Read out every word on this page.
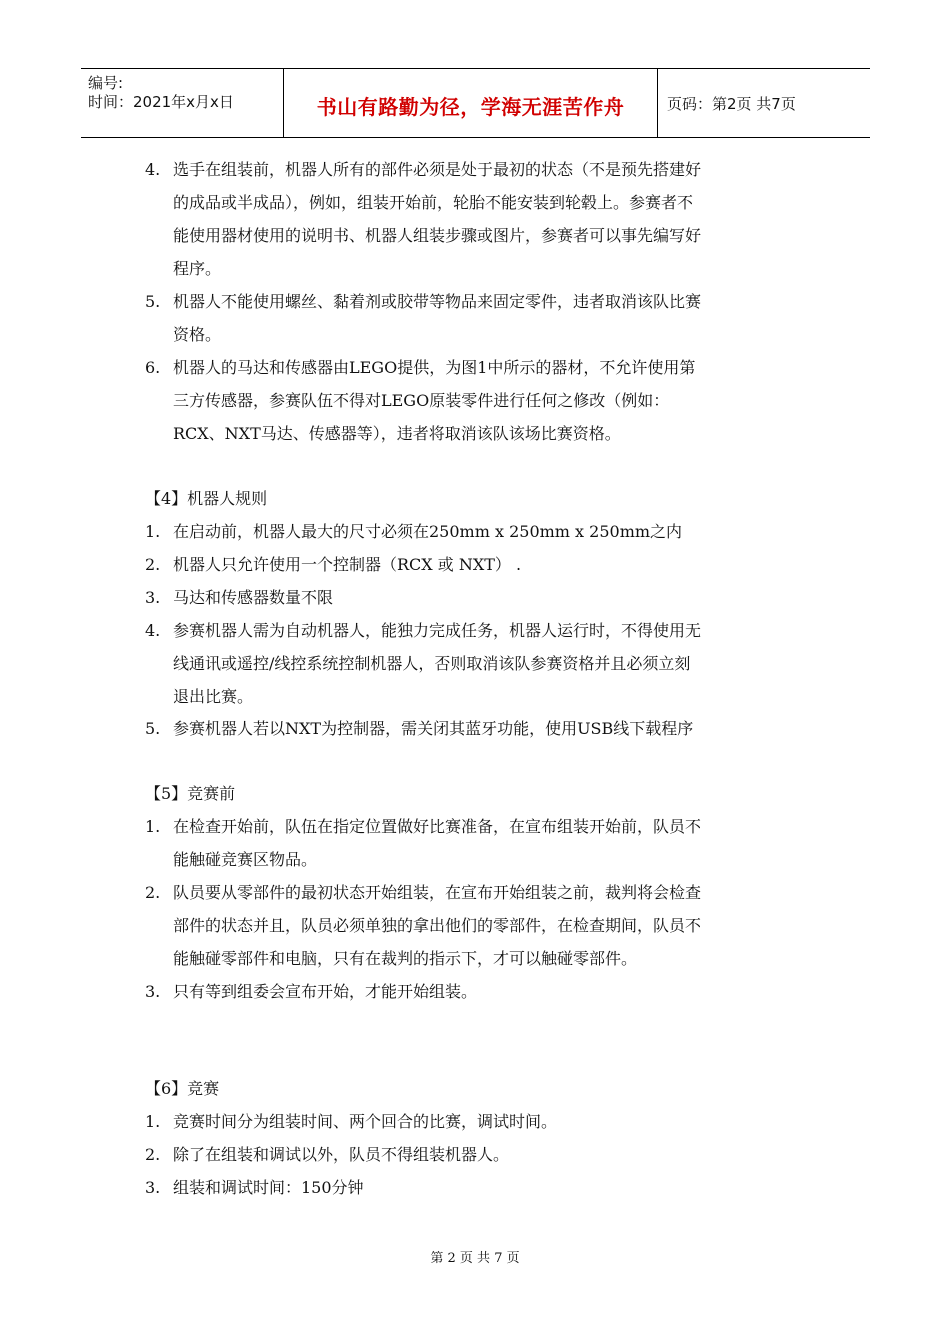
编号:
时间：2021年x月x日	书山有路勤为径，学海无涯苦作舟	页码：第2页 共7页
4. 选手在组装前，机器人所有的部件必须是处于最初的状态（不是预先搭建好
的成品或半成品），例如，组装开始前，轮胎不能安装到轮毂上。参赛者不
能使用器材使用的说明书、机器人组装步骤或图片，参赛者可以事先编写好
程序。
5. 机器人不能使用螺丝、黏着剂或胶带等物品来固定零件，违者取消该队比赛
资格。
6. 机器人的马达和传感器由LEGO提供，为图1中所示的器材，不允许使用第
三方传感器，参赛队伍不得对LEGO原装零件进行任何之修改（例如：
RCX、NXT马达、传感器等），违者将取消该队该场比赛资格。
【4】机器人规则
1. 在启动前，机器人最大的尺寸必须在250mm x 250mm x 250mm之内
2. 机器人只允许使用一个控制器（RCX 或 NXT） .
3. 马达和传感器数量不限
4. 参赛机器人需为自动机器人，能独力完成任务，机器人运行时，不得使用无
线通讯或遥控/线控系统控制机器人，否则取消该队参赛资格并且必须立刻
退出比赛。
5. 参赛机器人若以NXT为控制器，需关闭其蓝牙功能，使用USB线下载程序
【5】竞赛前
1. 在检查开始前，队伍在指定位置做好比赛准备，在宣布组装开始前，队员不
能触碰竞赛区物品。
2. 队员要从零部件的最初状态开始组装，在宣布开始组装之前，裁判将会检查
部件的状态并且，队员必须单独的拿出他们的零部件，在检查期间，队员不
能触碰零部件和电脑，只有在裁判的指示下，才可以触碰零部件。
3. 只有等到组委会宣布开始，才能开始组装。
【6】竞赛
1. 竞赛时间分为组装时间、两个回合的比赛，调试时间。
2. 除了在组装和调试以外，队员不得组装机器人。
3. 组装和调试时间：150分钟
第 2 页 共 7 页
